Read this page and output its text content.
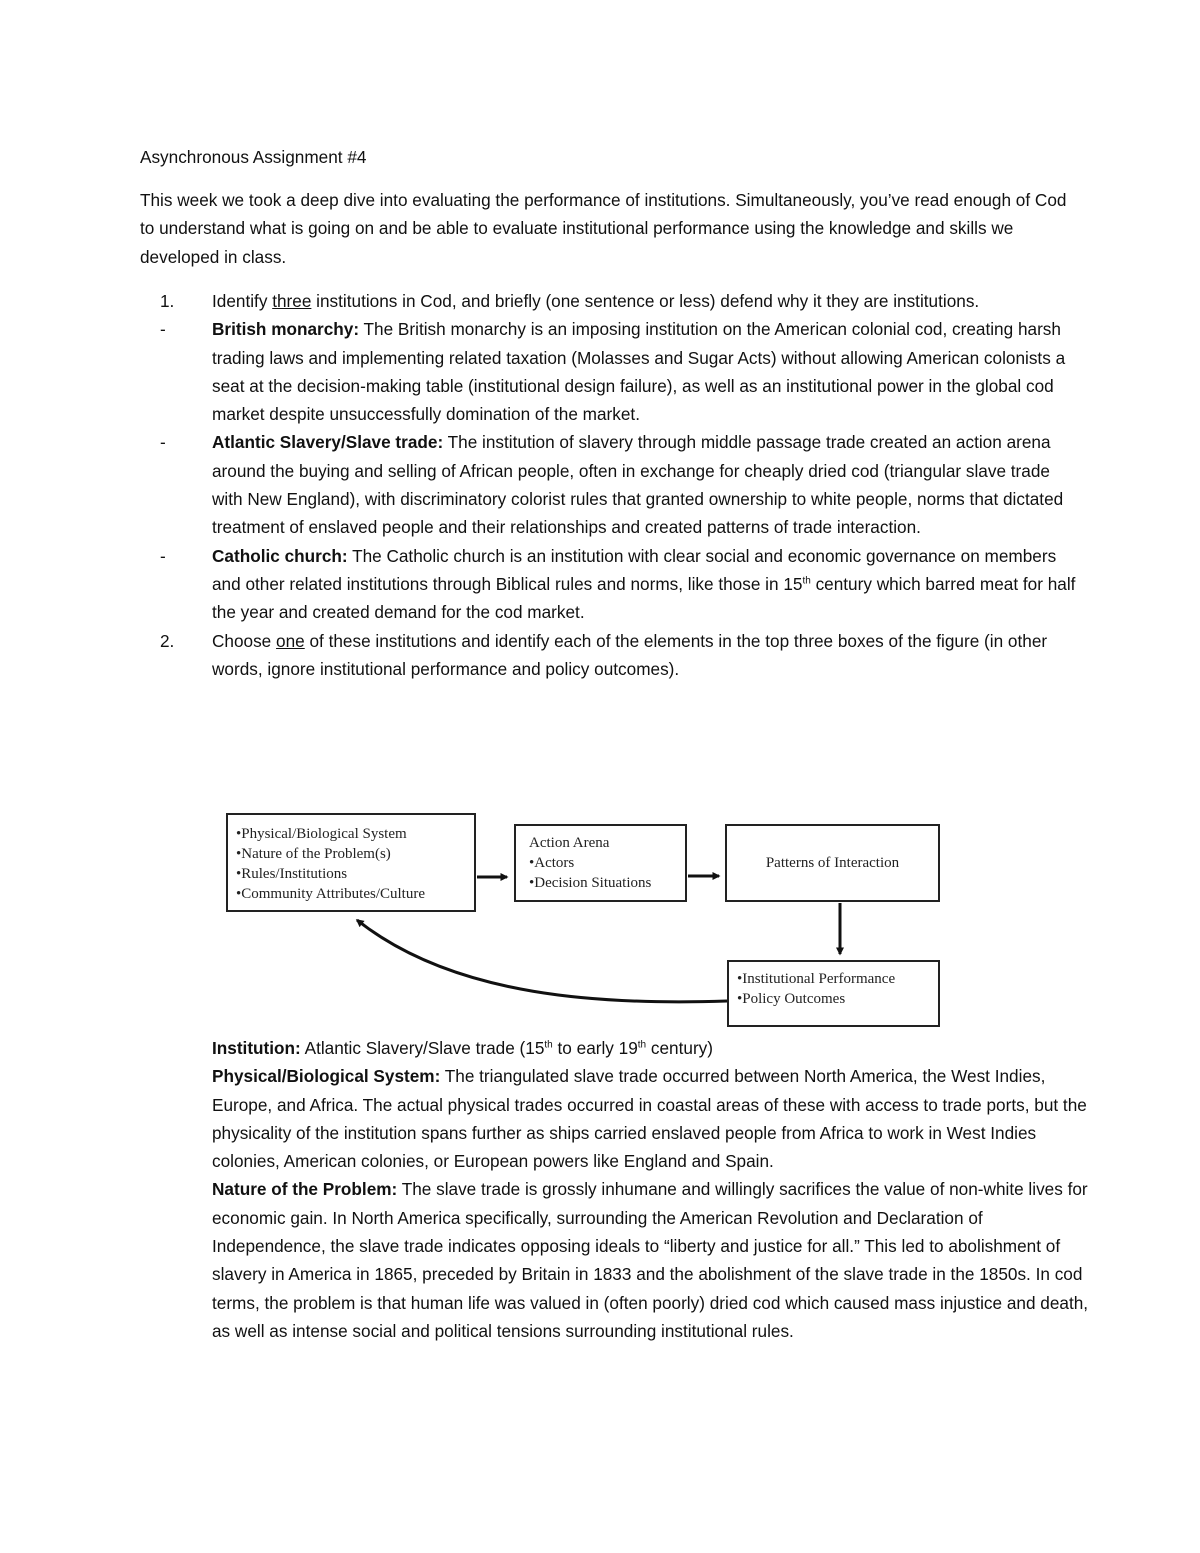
Asynchronous Assignment #4

This week we took a deep dive into evaluating the performance of institutions. Simultaneously, you’ve read enough of Cod to understand what is going on and be able to evaluate institutional performance using the knowledge and skills we developed in class.

1. Identify three institutions in Cod, and briefly (one sentence or less) defend why it they are institutions.
-	British monarchy: The British monarchy is an imposing institution on the American colonial cod, creating harsh trading laws and implementing related taxation (Molasses and Sugar Acts) without allowing American colonists a seat at the decision-making table (institutional design failure), as well as an institutional power in the global cod market despite unsuccessfully domination of the market.
-	Atlantic Slavery/Slave trade: The institution of slavery through middle passage trade created an action arena around the buying and selling of African people, often in exchange for cheaply dried cod (triangular slave trade with New England), with discriminatory colorist rules that granted ownership to white people, norms that dictated treatment of enslaved people and their relationships and created patterns of trade interaction.
-	Catholic church: The Catholic church is an institution with clear social and economic governance on members and other related institutions through Biblical rules and norms, like those in 15th century which barred meat for half the year and created demand for the cod market.
2. Choose one of these institutions and identify each of the elements in the top three boxes of the figure (in other words, ignore institutional performance and policy outcomes).
•Physical/Biological System
•Nature of the Problem(s)
•Rules/Institutions
•Community Attributes/Culture
Action Arena
•Actors
•Decision Situations
Patterns of Interaction
•Institutional Performance
•Policy Outcomes
Institution: Atlantic Slavery/Slave trade (15th to early 19th century)
Physical/Biological System: The triangulated slave trade occurred between North America, the West Indies, Europe, and Africa. The actual physical trades occurred in coastal areas of these with access to trade ports, but the physicality of the institution spans further as ships carried enslaved people from Africa to work in West Indies colonies, American colonies, or European powers like England and Spain.
Nature of the Problem: The slave trade is grossly inhumane and willingly sacrifices the value of non-white lives for economic gain. In North America specifically, surrounding the American Revolution and Declaration of Independence, the slave trade indicates opposing ideals to “liberty and justice for all.” This led to abolishment of slavery in America in 1865, preceded by Britain in 1833 and the abolishment of the slave trade in the 1850s. In cod terms, the problem is that human life was valued in (often poorly) dried cod which caused mass injustice and death, as well as intense social and political tensions surrounding institutional rules.
